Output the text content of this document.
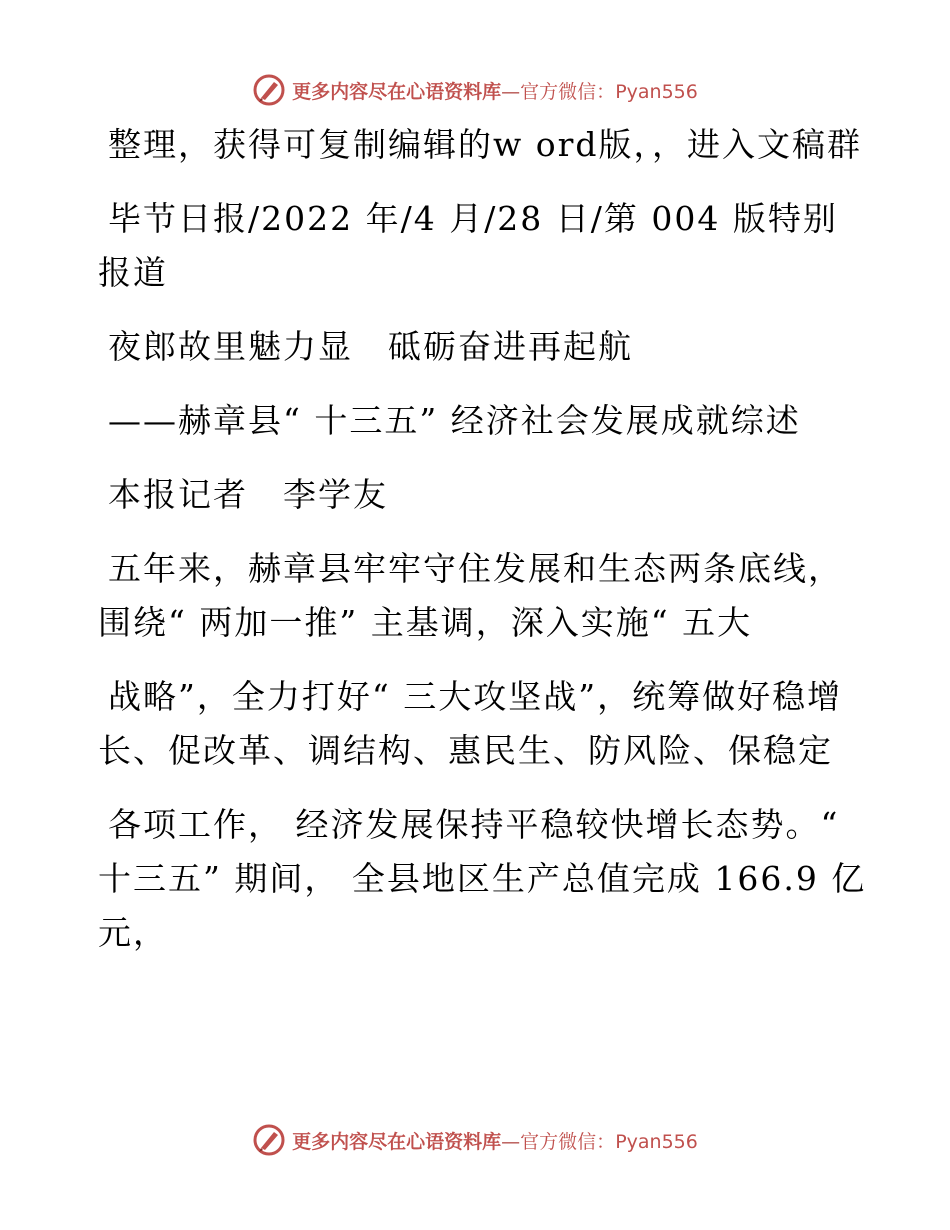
更多内容尽在心语资料库—官方微信：Pyan556

整理，获得可复制编辑的w ord版，，进入文稿群

毕节日报/2022 年/4 月/28 日/第 004 版特别报道

夜郎故里魅力显　砥砺奋进再起航

——赫章县“ 十三五” 经济社会发展成就综述

本报记者　李学友

五年来，赫章县牢牢守住发展和生态两条底线，围绕“ 两加一推” 主基调，深入实施“ 五大

战略”，全力打好“ 三大攻坚战”，统筹做好稳增长、促改革、调结构、惠民生、防风险、保稳定

各项工作， 经济发展保持平稳较快增长态势。“ 十三五” 期间， 全县地区生产总值完成 166.9 亿元，

更多内容尽在心语资料库—官方微信：Pyan556
